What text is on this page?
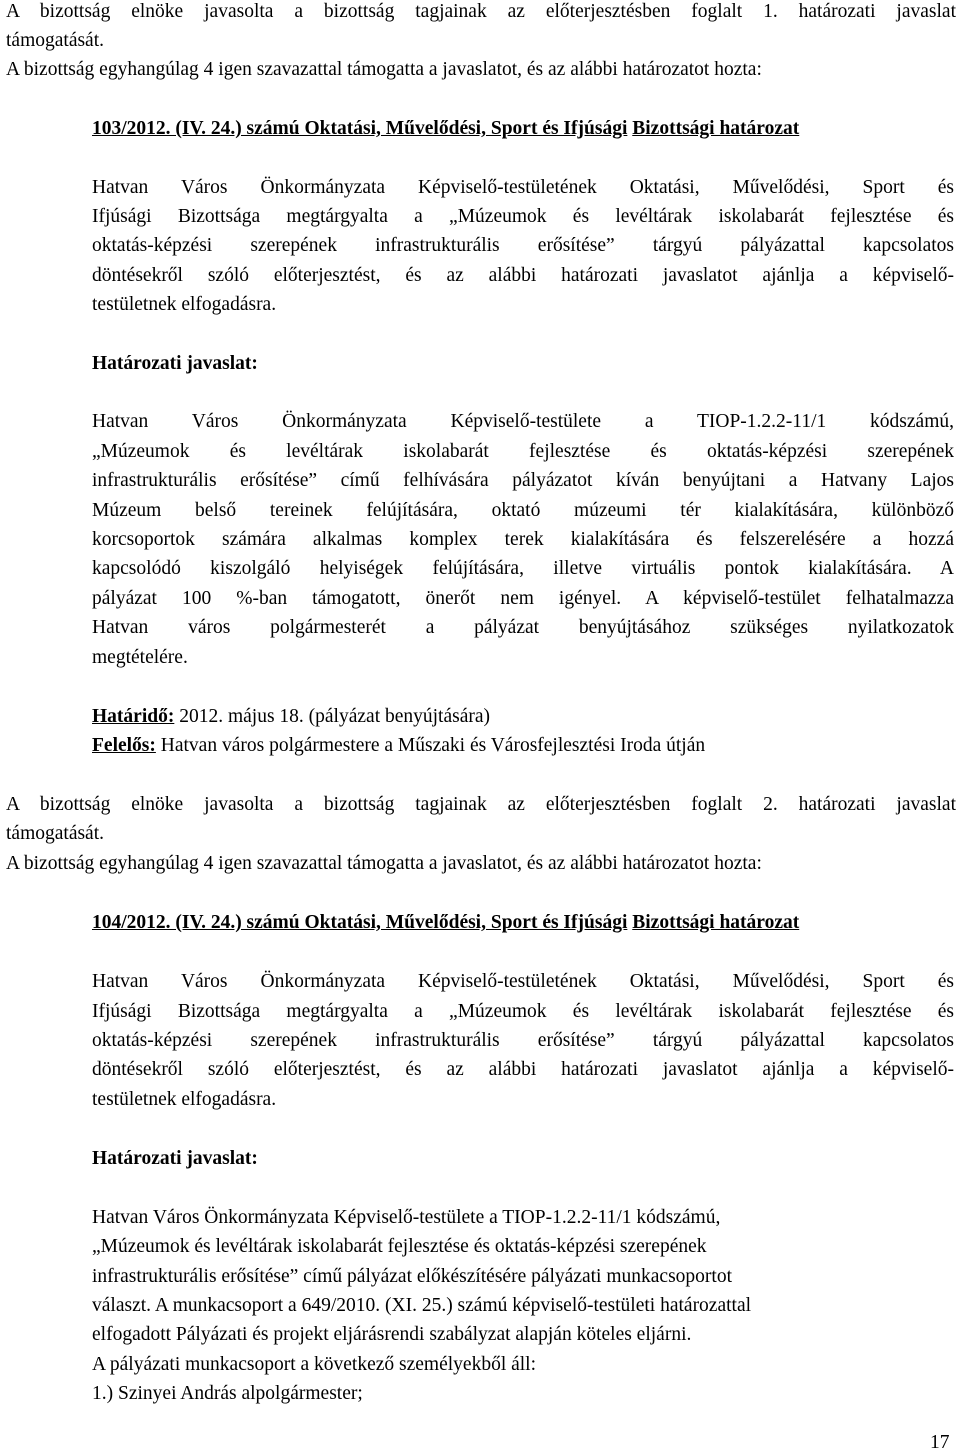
A bizottság elnöke javasolta a bizottság tagjainak az előterjesztésben foglalt 1. határozati javaslat
támogatását.
A bizottság egyhangúlag 4 igen szavazattal támogatta a javaslatot, és az alábbi határozatot hozta:
103/2012. (IV. 24.) számú Oktatási, Művelődési, Sport és Ifjúsági Bizottsági határozat
Hatvan Város Önkormányzata Képviselő-testületének Oktatási, Művelődési, Sport és
Ifjúsági Bizottsága megtárgyalta a „Múzeumok és levéltárak iskolabarát fejlesztése és
oktatás-képzési szerepének infrastrukturális erősítése” tárgyú pályázattal kapcsolatos
döntésekről szóló előterjesztést, és az alábbi határozati javaslatot ajánlja a képviselő-
testületnek elfogadásra.
Határozati javaslat:
Hatvan Város Önkormányzata Képviselő-testülete a TIOP-1.2.2-11/1 kódszámú,
„Múzeumok és levéltárak iskolabarát fejlesztése és oktatás-képzési szerepének
infrastrukturális erősítése” című felhívására pályázatot kíván benyújtani a Hatvany Lajos
Múzeum belső tereinek felújítására, oktató múzeumi tér kialakítására, különböző
korcsoportok számára alkalmas komplex terek kialakítására és felszerelésére a hozzá
kapcsolódó kiszolgáló helyiségek felújítására, illetve virtuális pontok kialakítására. A
pályázat 100 %-ban támogatott, önerőt nem igényel. A képviselő-testület felhatalmazza
Hatvan város polgármesterét a pályázat benyújtásához szükséges nyilatkozatok
megtételére.
Határidő: 2012. május 18. (pályázat benyújtására)
Felelős: Hatvan város polgármestere a Műszaki és Városfejlesztési Iroda útján
A bizottság elnöke javasolta a bizottság tagjainak az előterjesztésben foglalt 2. határozati javaslat
támogatását.
A bizottság egyhangúlag 4 igen szavazattal támogatta a javaslatot, és az alábbi határozatot hozta:
104/2012. (IV. 24.) számú Oktatási, Művelődési, Sport és Ifjúsági Bizottsági határozat
Hatvan Város Önkormányzata Képviselő-testületének Oktatási, Művelődési, Sport és
Ifjúsági Bizottsága megtárgyalta a „Múzeumok és levéltárak iskolabarát fejlesztése és
oktatás-képzési szerepének infrastrukturális erősítése” tárgyú pályázattal kapcsolatos
döntésekről szóló előterjesztést, és az alábbi határozati javaslatot ajánlja a képviselő-
testületnek elfogadásra.
Határozati javaslat:
Hatvan Város Önkormányzata Képviselő-testülete a TIOP-1.2.2-11/1 kódszámú,
„Múzeumok és levéltárak iskolabarát fejlesztése és oktatás-képzési szerepének
infrastrukturális erősítése” című pályázat előkészítésére pályázati munkacsoportot
választ. A munkacsoport a 649/2010. (XI. 25.) számú képviselő-testületi határozattal
elfogadott Pályázati és projekt eljárásrendi szabályzat alapján köteles eljárni.
A pályázati munkacsoport a következő személyekből áll:
1.) Szinyei András alpolgármester;
17
